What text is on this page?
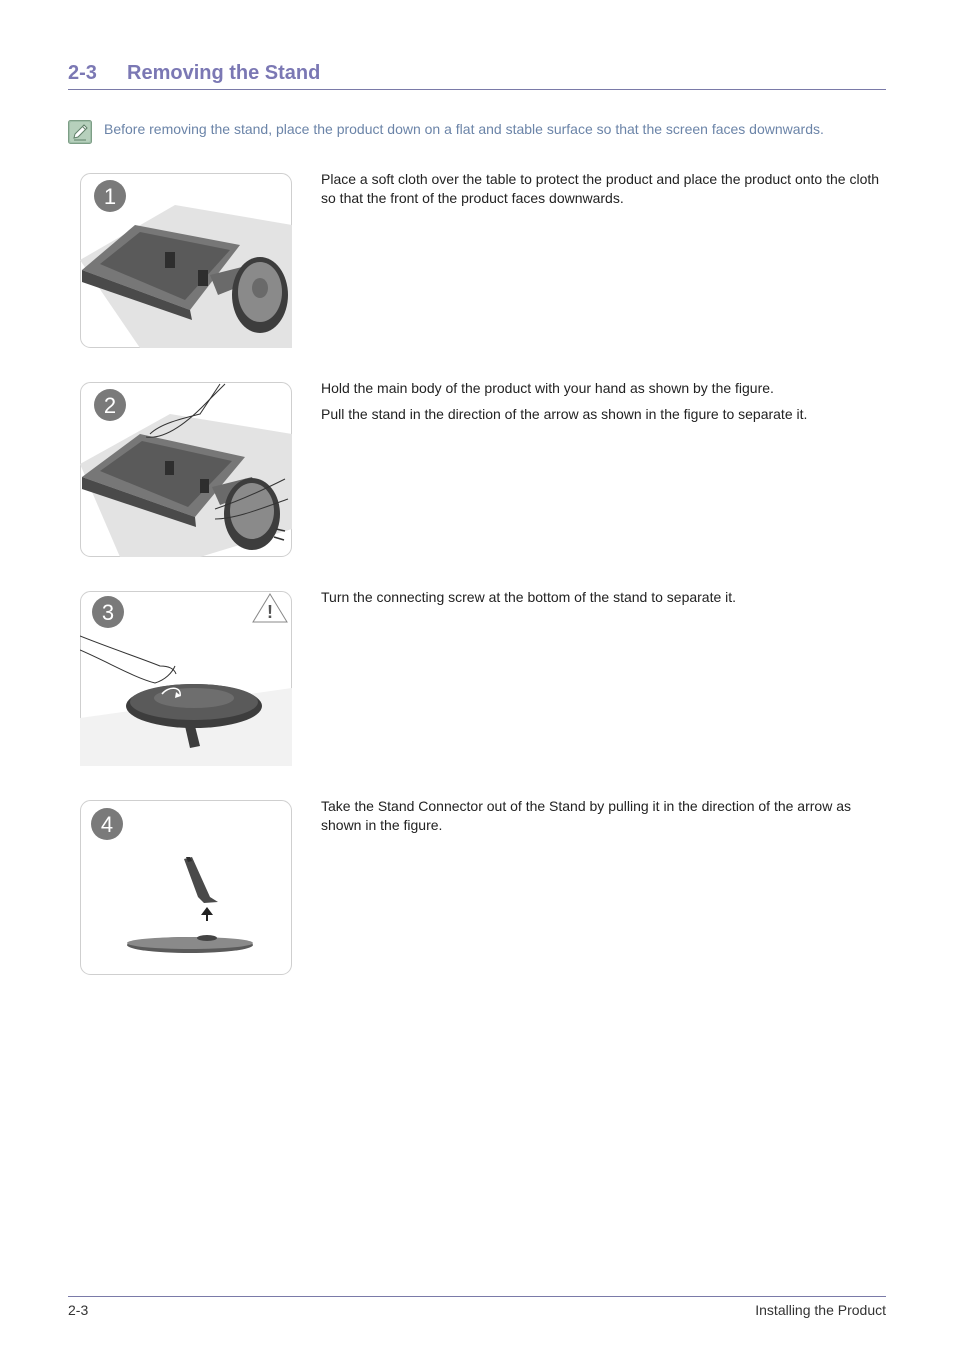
2-3 Removing the Stand
Before removing the stand, place the product down on a flat and stable surface so that the screen faces downwards.
1

Place a soft cloth over the table to protect the product and place the product onto the cloth so that the front of the product faces downwards.

2

Hold the main body of the product with your hand as shown by the figure.

Pull the stand in the direction of the arrow as shown in the figure to separate it.

!
3

Turn the connecting screw at the bottom of the stand to separate it.

4

Take the Stand Connector out of the Stand by pulling it in the direction of the arrow as shown in the figure.

2-3	Installing the Product
